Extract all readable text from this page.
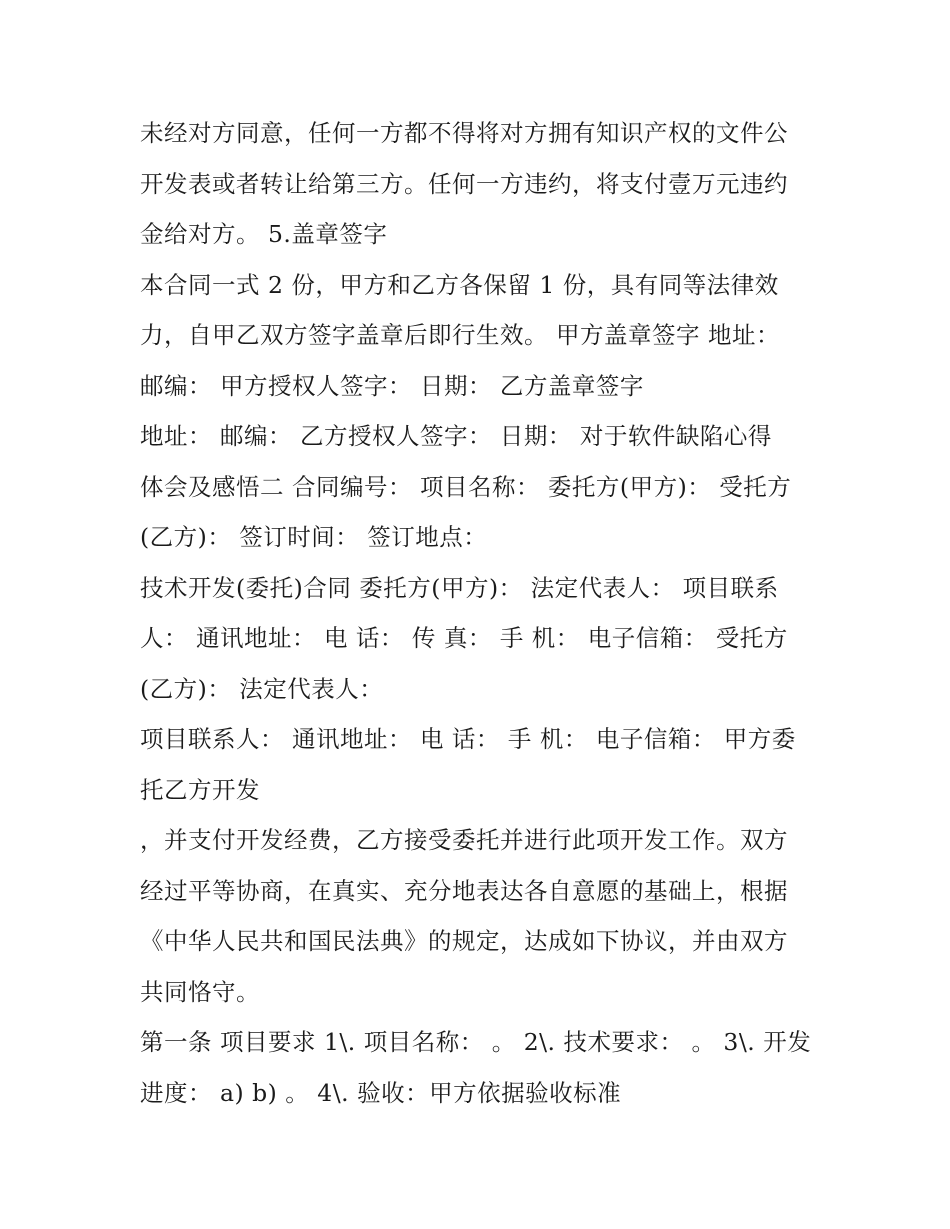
未经对方同意，任何一方都不得将对方拥有知识产权的文件公
开发表或者转让给第三方。任何一方违约，将支付壹万元违约
金给对方。 5.盖章签字
本合同一式 2 份，甲方和乙方各保留 1 份，具有同等法律效
力，自甲乙双方签字盖章后即行生效。 甲方盖章签字 地址：
邮编： 甲方授权人签字： 日期： 乙方盖章签字
地址： 邮编： 乙方授权人签字： 日期： 对于软件缺陷心得
体会及感悟二 合同编号： 项目名称： 委托方(甲方)： 受托方
(乙方)： 签订时间： 签订地点：
技术开发(委托)合同 委托方(甲方)： 法定代表人： 项目联系
人： 通讯地址： 电 话： 传 真： 手 机： 电子信箱： 受托方
(乙方)： 法定代表人：
项目联系人： 通讯地址： 电 话： 手 机： 电子信箱： 甲方委
托乙方开发
，并支付开发经费，乙方接受委托并进行此项开发工作。双方
经过平等协商，在真实、充分地表达各自意愿的基础上，根据
《中华人民共和国民法典》的规定，达成如下协议，并由双方
共同恪守。
第一条 项目要求 1\. 项目名称： 。 2\. 技术要求： 。 3\. 开发
进度： a) b) 。 4\. 验收：甲方依据验收标准
